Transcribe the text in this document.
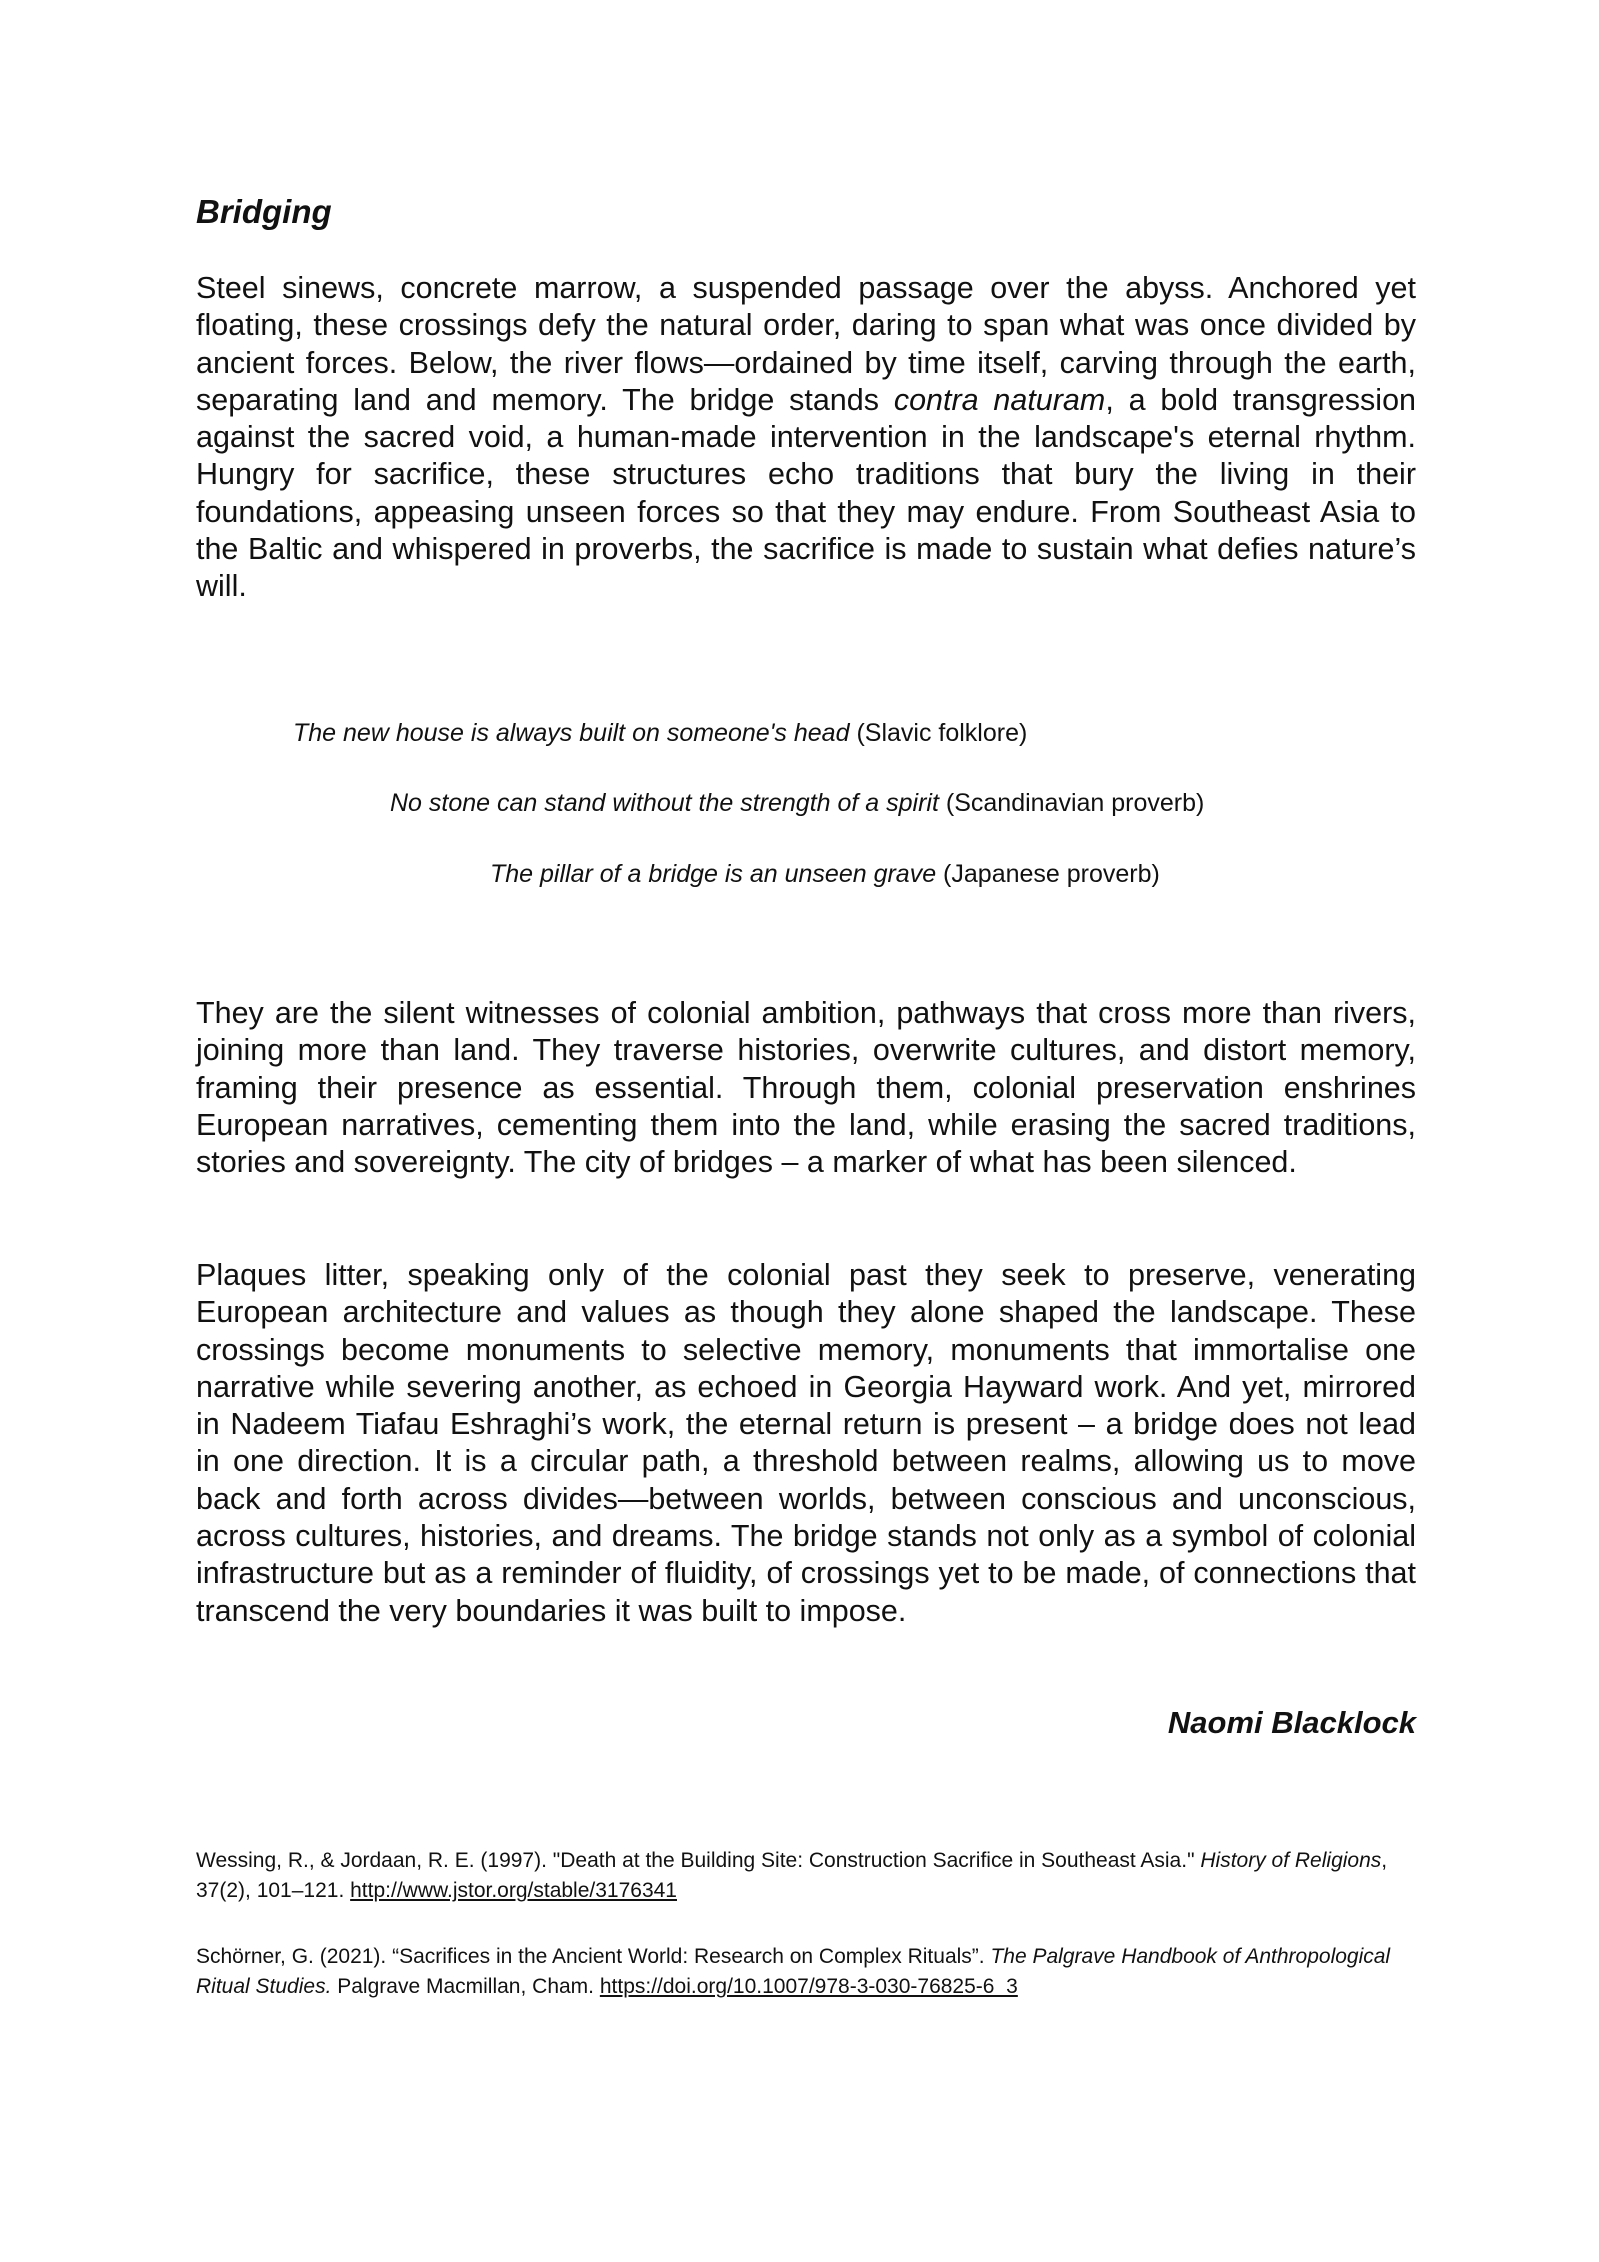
Bridging

Steel sinews, concrete marrow, a suspended passage over the abyss. Anchored yet floating, these crossings defy the natural order, daring to span what was once divided by ancient forces. Below, the river flows—ordained by time itself, carving through the earth, separating land and memory. The bridge stands contra naturam, a bold transgression against the sacred void, a human-made intervention in the landscape's eternal rhythm. Hungry for sacrifice, these structures echo traditions that bury the living in their foundations, appeasing unseen forces so that they may endure. From Southeast Asia to the Baltic and whispered in proverbs, the sacrifice is made to sustain what defies nature’s will.

The new house is always built on someone's head (Slavic folklore)

No stone can stand without the strength of a spirit (Scandinavian proverb)

The pillar of a bridge is an unseen grave (Japanese proverb)

They are the silent witnesses of colonial ambition, pathways that cross more than rivers, joining more than land. They traverse histories, overwrite cultures, and distort memory, framing their presence as essential. Through them, colonial preservation enshrines European narratives, cementing them into the land, while erasing the sacred traditions, stories and sovereignty. The city of bridges – a marker of what has been silenced.

Plaques litter, speaking only of the colonial past they seek to preserve, venerating European architecture and values as though they alone shaped the landscape. These crossings become monuments to selective memory, monuments that immortalise one narrative while severing another, as echoed in Georgia Hayward work. And yet, mirrored in Nadeem Tiafau Eshraghi’s work, the eternal return is present – a bridge does not lead in one direction. It is a circular path, a threshold between realms, allowing us to move back and forth across divides—between worlds, between conscious and unconscious, across cultures, histories, and dreams. The bridge stands not only as a symbol of colonial infrastructure but as a reminder of fluidity, of crossings yet to be made, of connections that transcend the very boundaries it was built to impose.

Naomi Blacklock

Wessing, R., & Jordaan, R. E. (1997). "Death at the Building Site: Construction Sacrifice in Southeast Asia." History of Religions, 37(2), 101–121. http://www.jstor.org/stable/3176341

Schörner, G. (2021). “Sacrifices in the Ancient World: Research on Complex Rituals”. The Palgrave Handbook of Anthropological Ritual Studies. Palgrave Macmillan, Cham. https://doi.org/10.1007/978-3-030-76825-6_3
